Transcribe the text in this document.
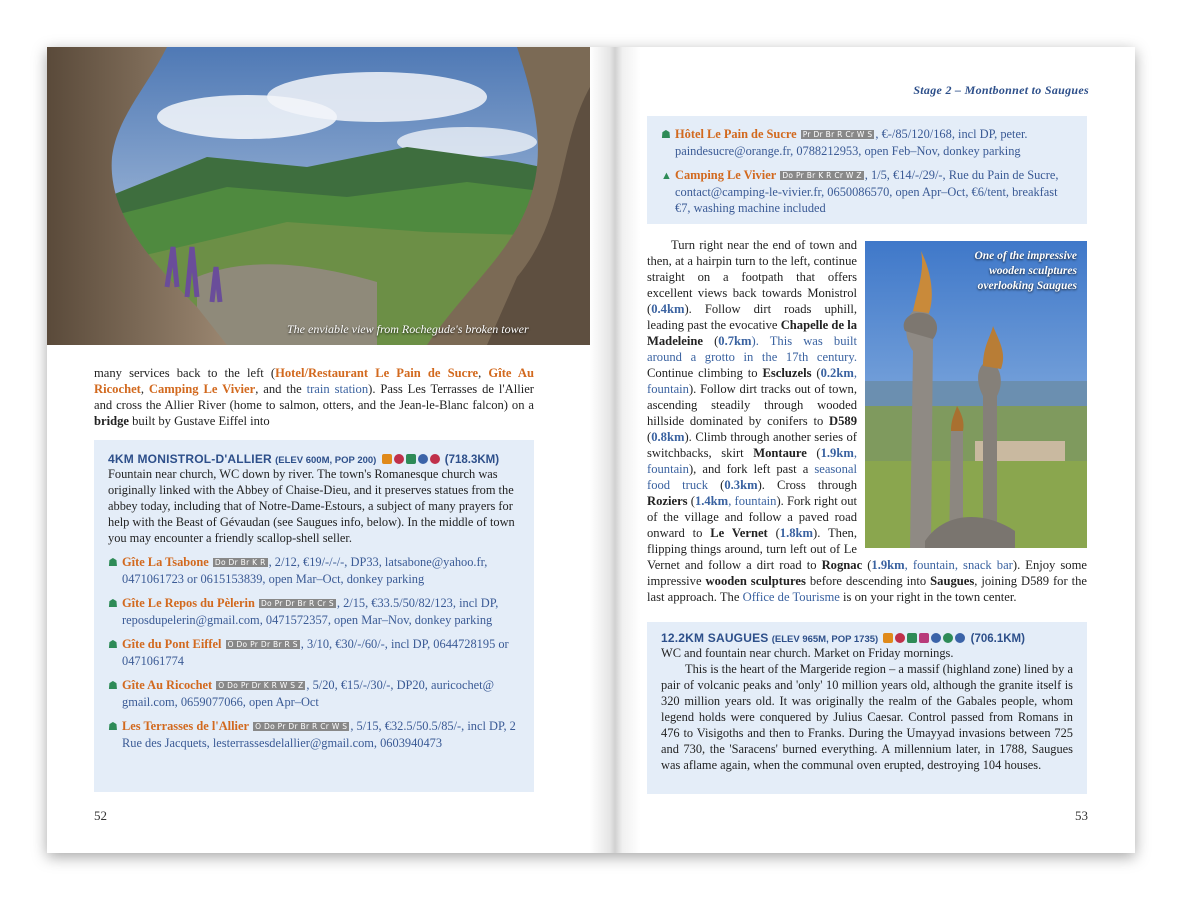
The enviable view from Rochegude's broken tower
many services back to the left (Hotel/Restaurant Le Pain de Sucre, Gîte Au Ricochet, Camping Le Vivier, and the train station). Pass Les Terrasses de l'Allier and cross the Allier River (home to salmon, otters, and the Jean-le-Blanc falcon) on a bridge built by Gustave Eiffel into
4KM MONISTROL-D'ALLIER (ELEV 600M, POP 200)	(718.3KM)

Fountain near church, WC down by river. The town's Romanesque church was originally linked with the Abbey of Chaise-Dieu, and it preserves statues from the abbey today, including that of Notre-Dame-Estours, a subject of many prayers for help with the Beast of Gévaudan (see Saugues info, below). In the middle of town you may encounter a friendly scallop-shell seller.

☗ Gîte La Tsabone Do Dr Br K R , 2/12, €19/-/-/-, DP33, latsabone@yahoo.fr, 0471061723 or 0615153839, open Mar–Oct, donkey parking
☗ Gîte Le Repos du Pèlerin Do Pr Dr Br R Cr S , 2/15, €33.5/50/82/123, incl DP, reposdupelerin@gmail.com, 0471572357, open Mar–Nov, donkey parking
☗ Gîte du Pont Eiffel O Do Pr Dr Br R S , 3/10, €30/-/60/-, incl DP, 0644728195 or 0471061774
☗ Gîte Au Ricochet O Do Pr Dr K R W S Z , 5/20, €15/-/30/-, DP20, auricochet@ gmail.com, 0659077066, open Apr–Oct
☗ Les Terrasses de l'Allier O Do Pr Dr Br R Cr W S , 5/15, €32.5/50.5/85/-, incl DP, 2 Rue des Jacquets, lesterrassesdelallier@gmail.com, 0603940473
52
Stage 2 – Montbonnet to Saugues
☗ Hôtel Le Pain de Sucre Pr Dr Br R Cr W S , €-/85/120/168, incl DP, peter. paindesucre@orange.fr, 0788212953, open Feb–Nov, donkey parking
▲ Camping Le Vivier Do Pr Br K R Cr W Z , 1/5, €14/-/29/-, Rue du Pain de Sucre, contact@camping-le-vivier.fr, 0650086570, open Apr–Oct, €6/tent, breakfast €7, washing machine included
One of the impressive wooden sculptures overlooking Saugues
Turn right near the end of town and then, at a hairpin turn to the left, continue straight on a footpath that offers excellent views back towards Monistrol (0.4km). Follow dirt roads uphill, leading past the evocative Chapelle de la Madeleine (0.7km). This was built around a grotto in the 17th century. Continue climbing to Escluzels (0.2km, fountain). Follow dirt tracks out of town, ascending steadily through wooded hillside dominated by conifers to D589 (0.8km). Climb through another series of switchbacks, skirt Montaure (1.9km, fountain), and fork left past a seasonal food truck (0.3km). Cross through Roziers (1.4km, fountain). Fork right out of the village and follow a paved road onward to Le Vernet (1.8km). Then, flipping things around, turn left out of Le Vernet and follow a dirt road to Rognac (1.9km, fountain, snack bar). Enjoy some impressive wooden sculptures before descending into Saugues, joining D589 for the last approach. The Office de Tourisme is on your right in the town center.
12.2KM SAUGUES (ELEV 965M, POP 1735)	(706.1KM)

WC and fountain near church. Market on Friday mornings.

This is the heart of the Margeride region – a massif (highland zone) lined by a pair of volcanic peaks and 'only' 10 million years old, although the granite itself is 320 million years old. It was originally the realm of the Gabales people, whom legend holds were conquered by Julius Caesar. Control passed from Romans in 476 to Visigoths and then to Franks. During the Umayyad invasions between 725 and 730, the 'Saracens' burned everything. A millennium later, in 1788, Saugues was aflame again, when the communal oven erupted, destroying 104 houses.

53
